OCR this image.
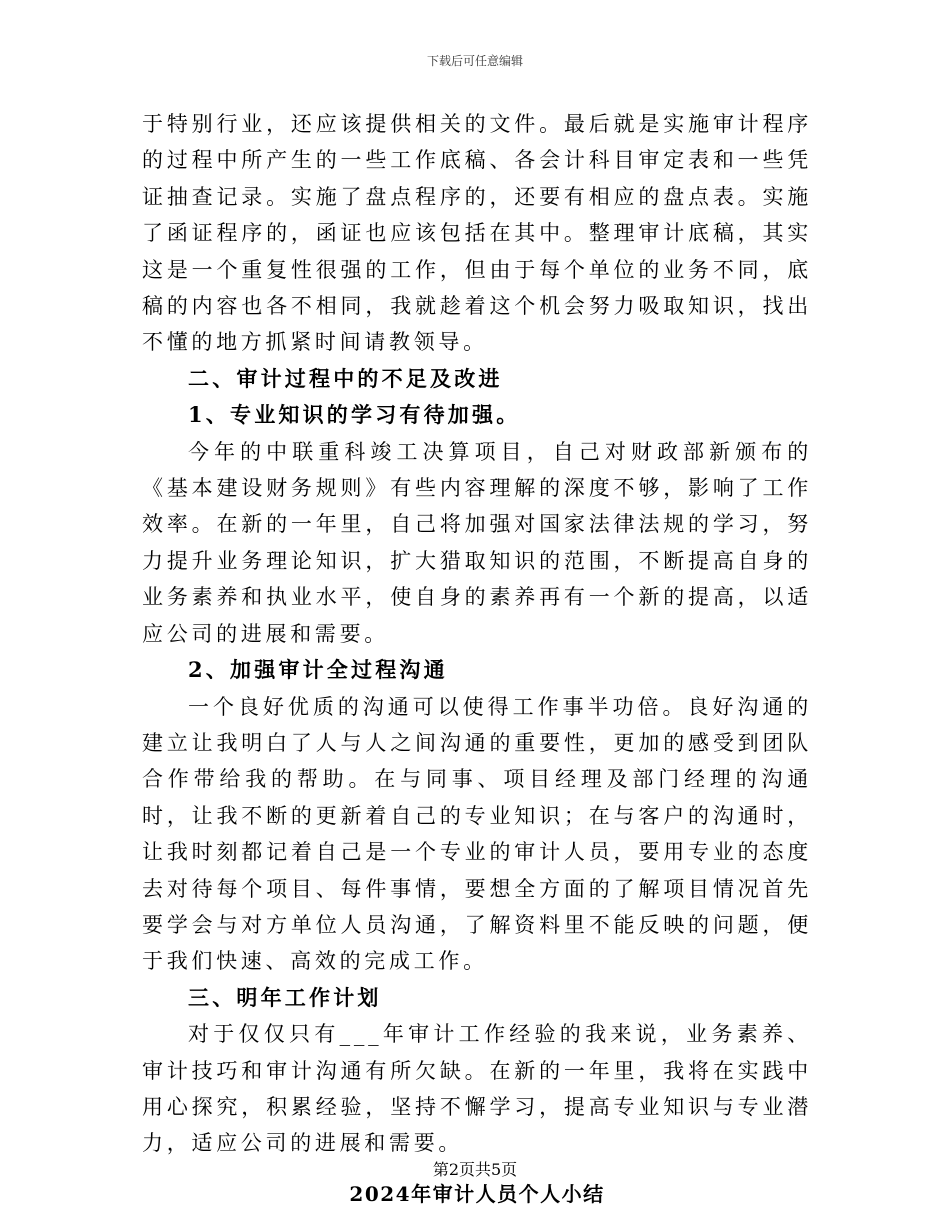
下载后可任意编辑

于特别行业，还应该提供相关的文件。最后就是实施审计程序的过程中所产生的一些工作底稿、各会计科目审定表和一些凭证抽查记录。实施了盘点程序的，还要有相应的盘点表。实施了函证程序的，函证也应该包括在其中。整理审计底稿，其实这是一个重复性很强的工作，但由于每个单位的业务不同，底稿的内容也各不相同，我就趁着这个机会努力吸取知识，找出不懂的地方抓紧时间请教领导。

二、审计过程中的不足及改进

1、专业知识的学习有待加强。

今年的中联重科竣工决算项目，自己对财政部新颁布的《基本建设财务规则》有些内容理解的深度不够，影响了工作效率。在新的一年里，自己将加强对国家法律法规的学习，努力提升业务理论知识，扩大猎取知识的范围，不断提高自身的业务素养和执业水平，使自身的素养再有一个新的提高，以适应公司的进展和需要。

2、加强审计全过程沟通

一个良好优质的沟通可以使得工作事半功倍。良好沟通的建立让我明白了人与人之间沟通的重要性，更加的感受到团队合作带给我的帮助。在与同事、项目经理及部门经理的沟通时，让我不断的更新着自己的专业知识；在与客户的沟通时，让我时刻都记着自己是一个专业的审计人员，要用专业的态度去对待每个项目、每件事情，要想全方面的了解项目情况首先要学会与对方单位人员沟通，了解资料里不能反映的问题，便于我们快速、高效的完成工作。

三、明年工作计划

对于仅仅只有___年审计工作经验的我来说，业务素养、审计技巧和审计沟通有所欠缺。在新的一年里，我将在实践中用心探究，积累经验，坚持不懈学习，提高专业知识与专业潜力，适应公司的进展和需要。

2024年审计人员个人小结
第2页共5页
